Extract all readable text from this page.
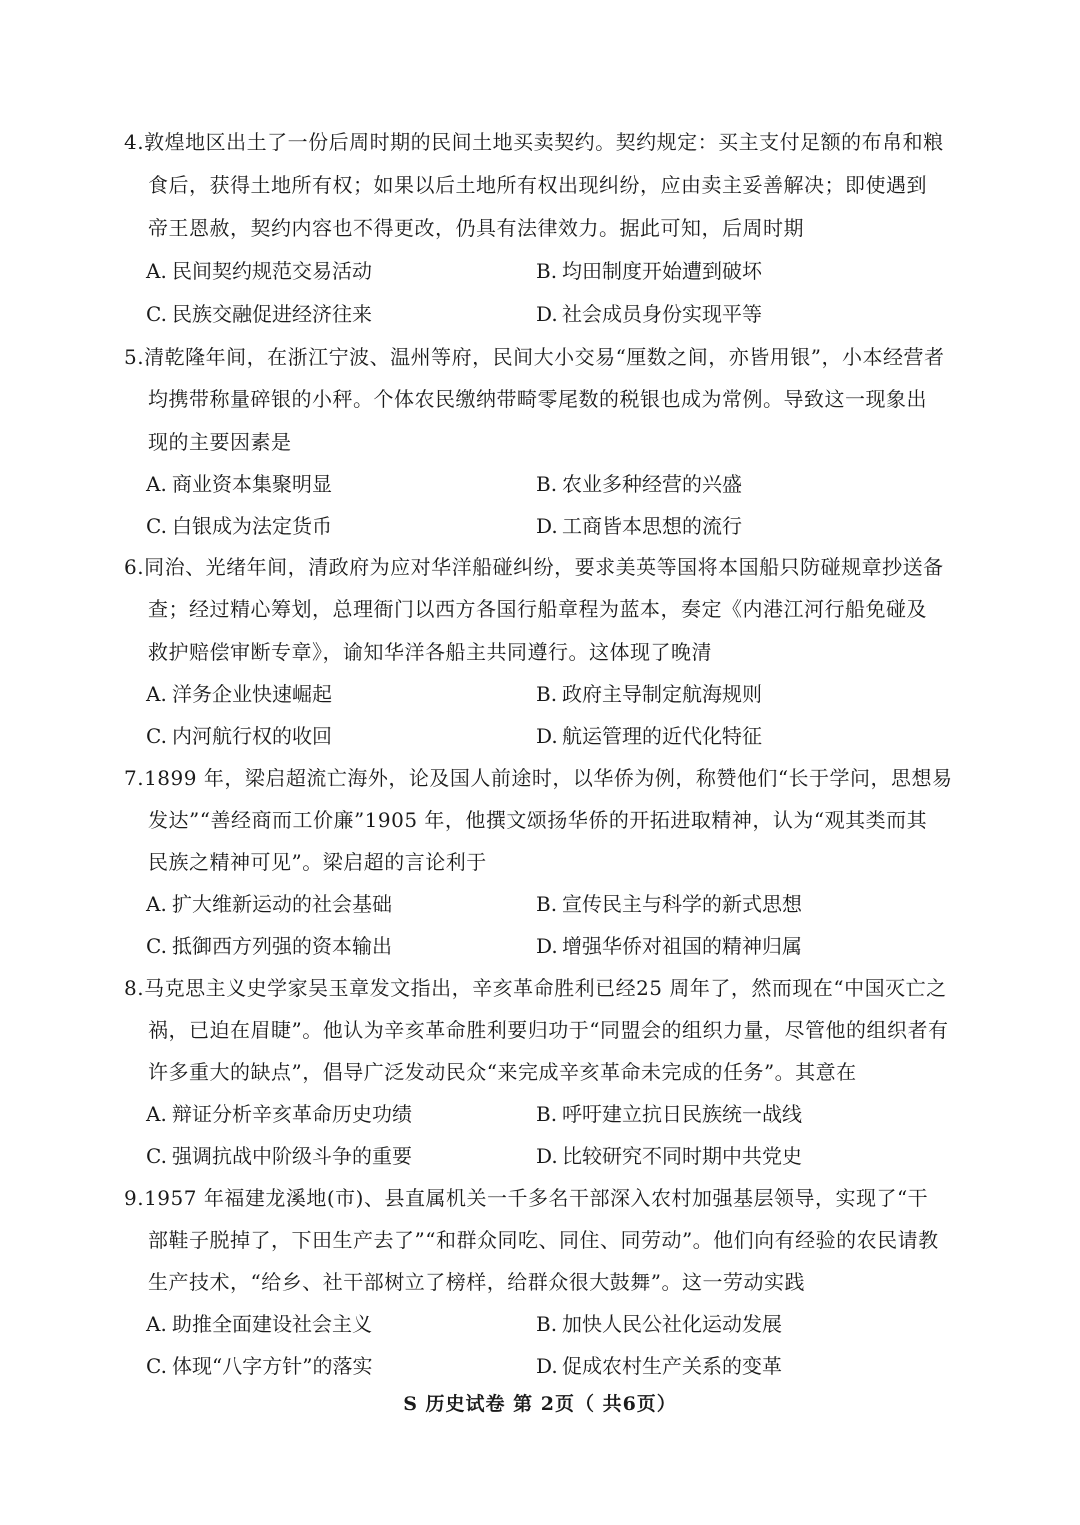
4.敦煌地区出土了一份后周时期的民间土地买卖契约。契约规定：买主支付足额的布帛和粮
食后，获得土地所有权；如果以后土地所有权出现纠纷，应由卖主妥善解决；即使遇到
帝王恩赦，契约内容也不得更改，仍具有法律效力。据此可知，后周时期
A. 民间契约规范交易活动	B. 均田制度开始遭到破坏
C. 民族交融促进经济往来	D. 社会成员身份实现平等
5.清乾隆年间，在浙江宁波、温州等府，民间大小交易“厘数之间，亦皆用银”，小本经营者
均携带称量碎银的小秤。个体农民缴纳带畸零尾数的税银也成为常例。导致这一现象出
现的主要因素是
A. 商业资本集聚明显	B. 农业多种经营的兴盛
C. 白银成为法定货币	D. 工商皆本思想的流行
6.同治、光绪年间，清政府为应对华洋船碰纠纷，要求美英等国将本国船只防碰规章抄送备
查；经过精心筹划，总理衙门以西方各国行船章程为蓝本，奏定《内港江河行船免碰及
救护赔偿审断专章》，谕知华洋各船主共同遵行。这体现了晚清
A. 洋务企业快速崛起	B. 政府主导制定航海规则
C. 内河航行权的收回	D. 航运管理的近代化特征
7.1899 年，梁启超流亡海外，论及国人前途时，以华侨为例，称赞他们“长于学问，思想易
发达”“善经商而工价廉”1905 年，他撰文颂扬华侨的开拓进取精神，认为“观其类而其
民族之精神可见”。梁启超的言论利于
A. 扩大维新运动的社会基础	B. 宣传民主与科学的新式思想
C. 抵御西方列强的资本输出	D. 增强华侨对祖国的精神归属
8.马克思主义史学家吴玉章发文指出，辛亥革命胜利已经25 周年了，然而现在“中国灭亡之
祸，已迫在眉睫”。他认为辛亥革命胜利要归功于“同盟会的组织力量，尽管他的组织者有
许多重大的缺点”，倡导广泛发动民众“来完成辛亥革命未完成的任务”。其意在
A. 辩证分析辛亥革命历史功绩	B. 呼吁建立抗日民族统一战线
C. 强调抗战中阶级斗争的重要	D. 比较研究不同时期中共党史
9.1957 年福建龙溪地(市)、县直属机关一千多名干部深入农村加强基层领导，实现了“干
部鞋子脱掉了，下田生产去了”“和群众同吃、同住、同劳动”。他们向有经验的农民请教
生产技术，“给乡、社干部树立了榜样，给群众很大鼓舞”。这一劳动实践
A. 助推全面建设社会主义	B. 加快人民公社化运动发展
C. 体现“八字方针”的落实	D. 促成农村生产关系的变革
S 历史试卷 第 2页（ 共6页）
